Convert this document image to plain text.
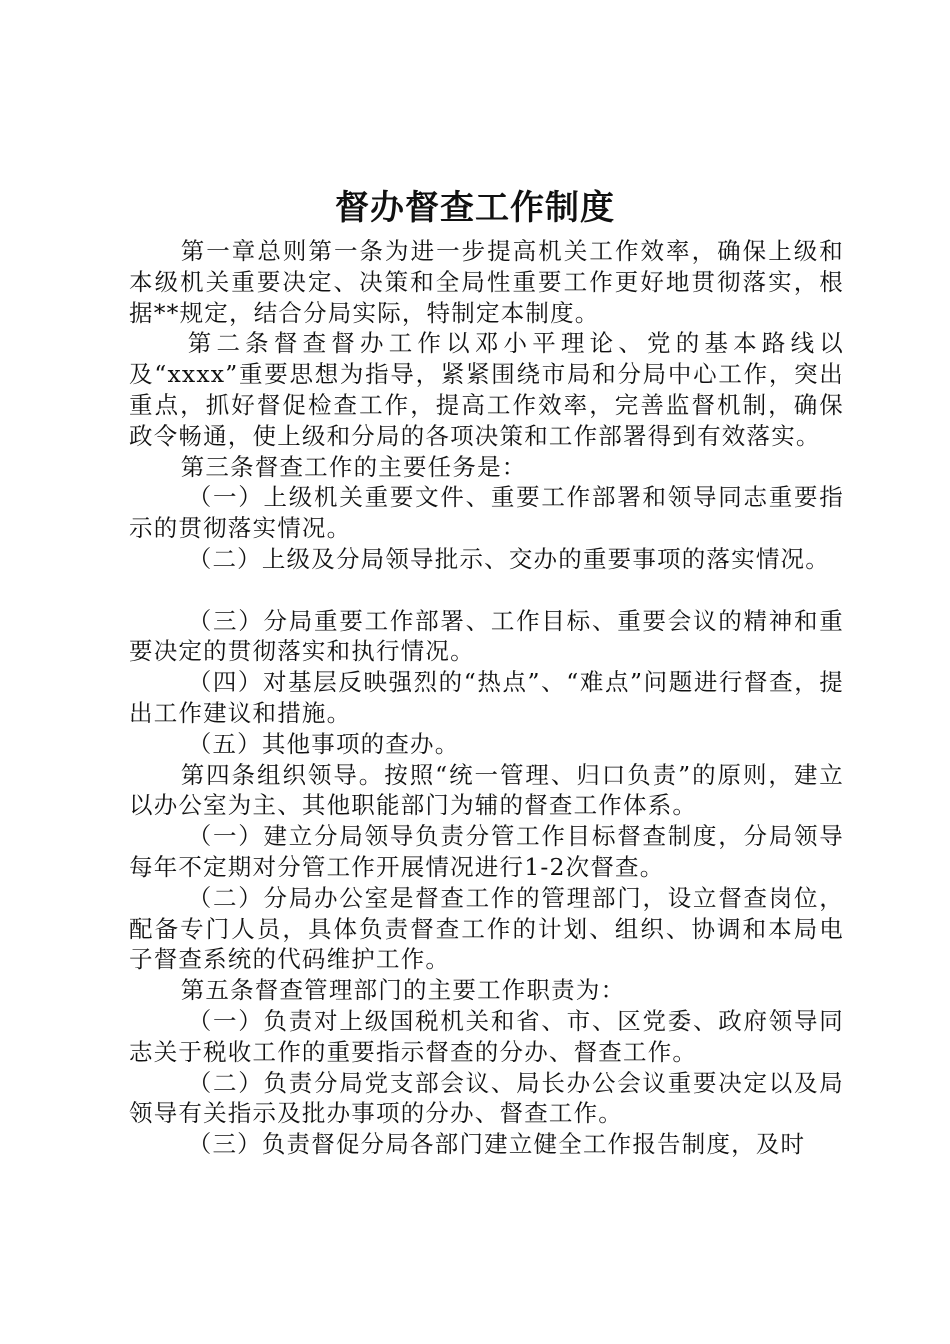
督办督查工作制度

第一章总则第一条为进一步提高机关工作效率，确保上级和本级机关重要决定、决策和全局性重要工作更好地贯彻落实，根据**规定，结合分局实际，特制定本制度。

第二条督查督办工作以邓小平理论、党的基本路线以及“xxxx”重要思想为指导，紧紧围绕市局和分局中心工作，突出重点，抓好督促检查工作，提高工作效率，完善监督机制，确保政令畅通，使上级和分局的各项决策和工作部署得到有效落实。

第三条督查工作的主要任务是：

（一）上级机关重要文件、重要工作部署和领导同志重要指示的贯彻落实情况。

（二）上级及分局领导批示、交办的重要事项的落实情况。

（三）分局重要工作部署、工作目标、重要会议的精神和重要决定的贯彻落实和执行情况。

（四）对基层反映强烈的“热点”、“难点”问题进行督查，提出工作建议和措施。

（五）其他事项的查办。

第四条组织领导。按照“统一管理、归口负责”的原则，建立以办公室为主、其他职能部门为辅的督查工作体系。

（一）建立分局领导负责分管工作目标督查制度，分局领导每年不定期对分管工作开展情况进行1-2次督查。

（二）分局办公室是督查工作的管理部门，设立督查岗位，配备专门人员，具体负责督查工作的计划、组织、协调和本局电子督查系统的代码维护工作。

第五条督查管理部门的主要工作职责为：

（一）负责对上级国税机关和省、市、区党委、政府领导同志关于税收工作的重要指示督查的分办、督查工作。

（二）负责分局党支部会议、局长办公会议重要决定以及局领导有关指示及批办事项的分办、督查工作。

（三）负责督促分局各部门建立健全工作报告制度，及时
